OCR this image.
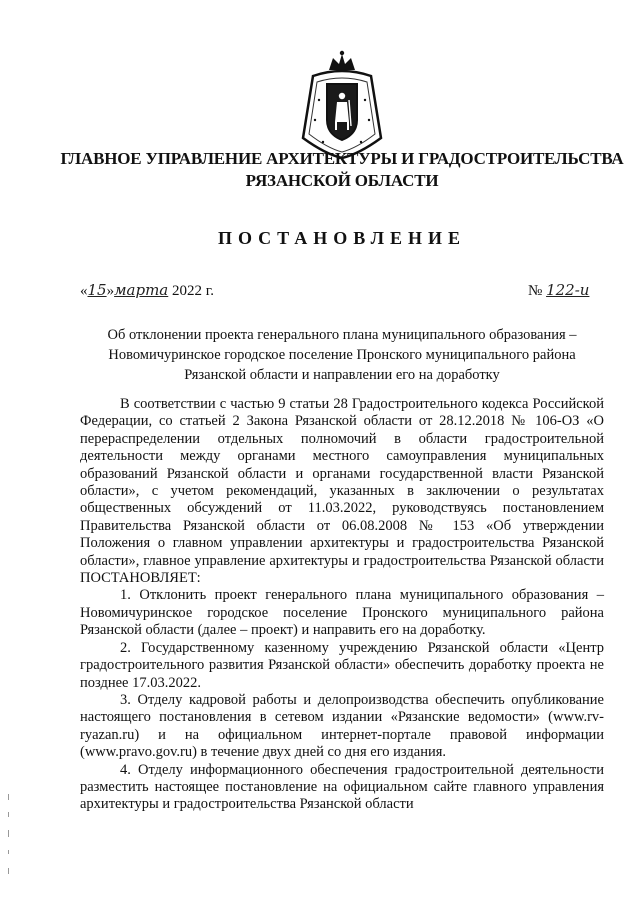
ГЛАВНОЕ УПРАВЛЕНИЕ АРХИТЕКТУРЫ И ГРАДОСТРОИТЕЛЬСТВА
РЯЗАНСКОЙ ОБЛАСТИ
ПОСТАНОВЛЕНИЕ
«15»марта 2022 г.	№ 122-и
Об отклонении проекта генерального плана муниципального образования –
Новомичуринское городское поселение Пронского муниципального района
Рязанской области и направлении его на доработку

В соответствии с частью 9 статьи 28 Градостроительного кодекса Российской Федерации, со статьей 2 Закона Рязанской области от 28.12.2018 № 106-ОЗ «О перераспределении отдельных полномочий в области градостроительной деятельности между органами местного самоуправления муниципальных образований Рязанской области и органами государственной власти Рязанской области», с учетом рекомендаций, указанных в заключении о результатах общественных обсуждений от 11.03.2022, руководствуясь постановлением Правительства Рязанской области от 06.08.2008 № 153 «Об утверждении Положения о главном управлении архитектуры и градостроительства Рязанской области», главное управление архитектуры и градостроительства Рязанской области ПОСТАНОВЛЯЕТ:

1. Отклонить проект генерального плана муниципального образования – Новомичуринское городское поселение Пронского муниципального района Рязанской области (далее – проект) и направить его на доработку.

2. Государственному казенному учреждению Рязанской области «Центр градостроительного развития Рязанской области» обеспечить доработку проекта не позднее 17.03.2022.

3. Отделу кадровой работы и делопроизводства обеспечить опубликование настоящего постановления в сетевом издании «Рязанские ведомости» (www.rv-ryazan.ru) и на официальном интернет-портале правовой информации (www.pravo.gov.ru) в течение двух дней со дня его издания.

4. Отделу информационного обеспечения градостроительной деятельности разместить настоящее постановление на официальном сайте главного управления архитектуры и градостроительства Рязанской области
